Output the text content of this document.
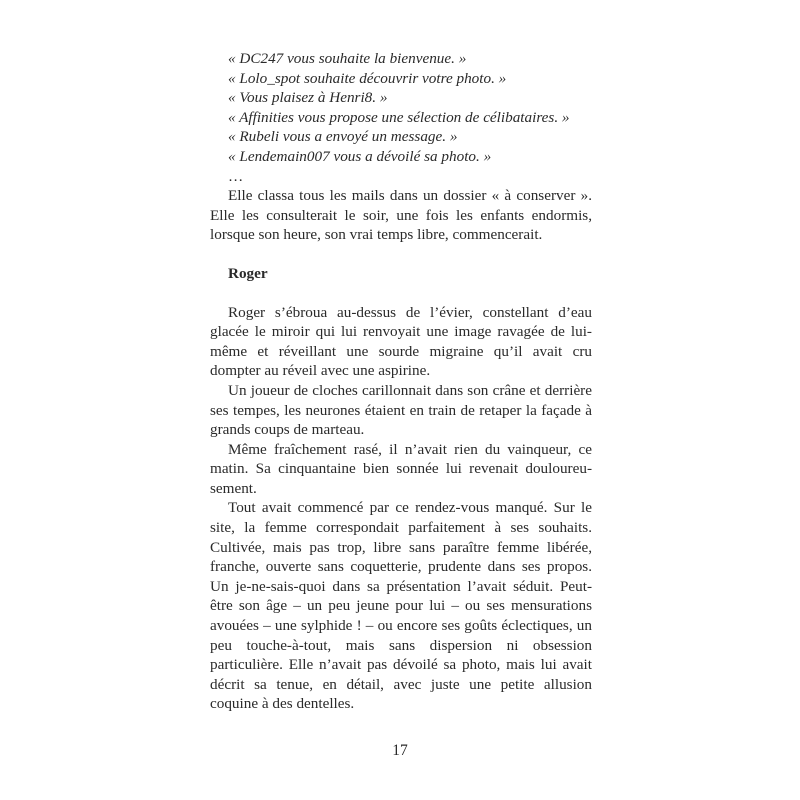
« DC247 vous souhaite la bienvenue. »
« Lolo_spot souhaite découvrir votre photo. »
« Vous plaisez à Henri8. »
« Affinities vous propose une sélection de célibataires. »
« Rubeli vous a envoyé un message. »
« Lendemain007 vous a dévoilé sa photo. »
…

Elle classa tous les mails dans un dossier « à conserver ». Elle les consulterait le soir, une fois les enfants endormis, lorsque son heure, son vrai temps libre, commencerait.

Roger

Roger s’ébroua au-dessus de l’évier, constellant d’eau glacée le miroir qui lui renvoyait une image ravagée de lui-même et réveillant une sourde migraine qu’il avait cru dompter au réveil avec une aspirine.

Un joueur de cloches carillonnait dans son crâne et derrière ses tempes, les neurones étaient en train de retaper la façade à grands coups de marteau.

Même fraîchement rasé, il n’avait rien du vainqueur, ce matin. Sa cinquantaine bien sonnée lui revenait douloureusement.

Tout avait commencé par ce rendez-vous manqué. Sur le site, la femme correspondait parfaitement à ses souhaits. Cultivée, mais pas trop, libre sans paraître femme libérée, franche, ouverte sans coquetterie, prudente dans ses propos. Un je-ne-sais-quoi dans sa présentation l’avait séduit. Peut-être son âge – un peu jeune pour lui – ou ses mensurations avouées – une sylphide ! – ou encore ses goûts éclectiques, un peu touche-à-tout, mais sans dispersion ni obsession particulière. Elle n’avait pas dévoilé sa photo, mais lui avait décrit sa tenue, en détail, avec juste une petite allusion coquine à des dentelles.

17
